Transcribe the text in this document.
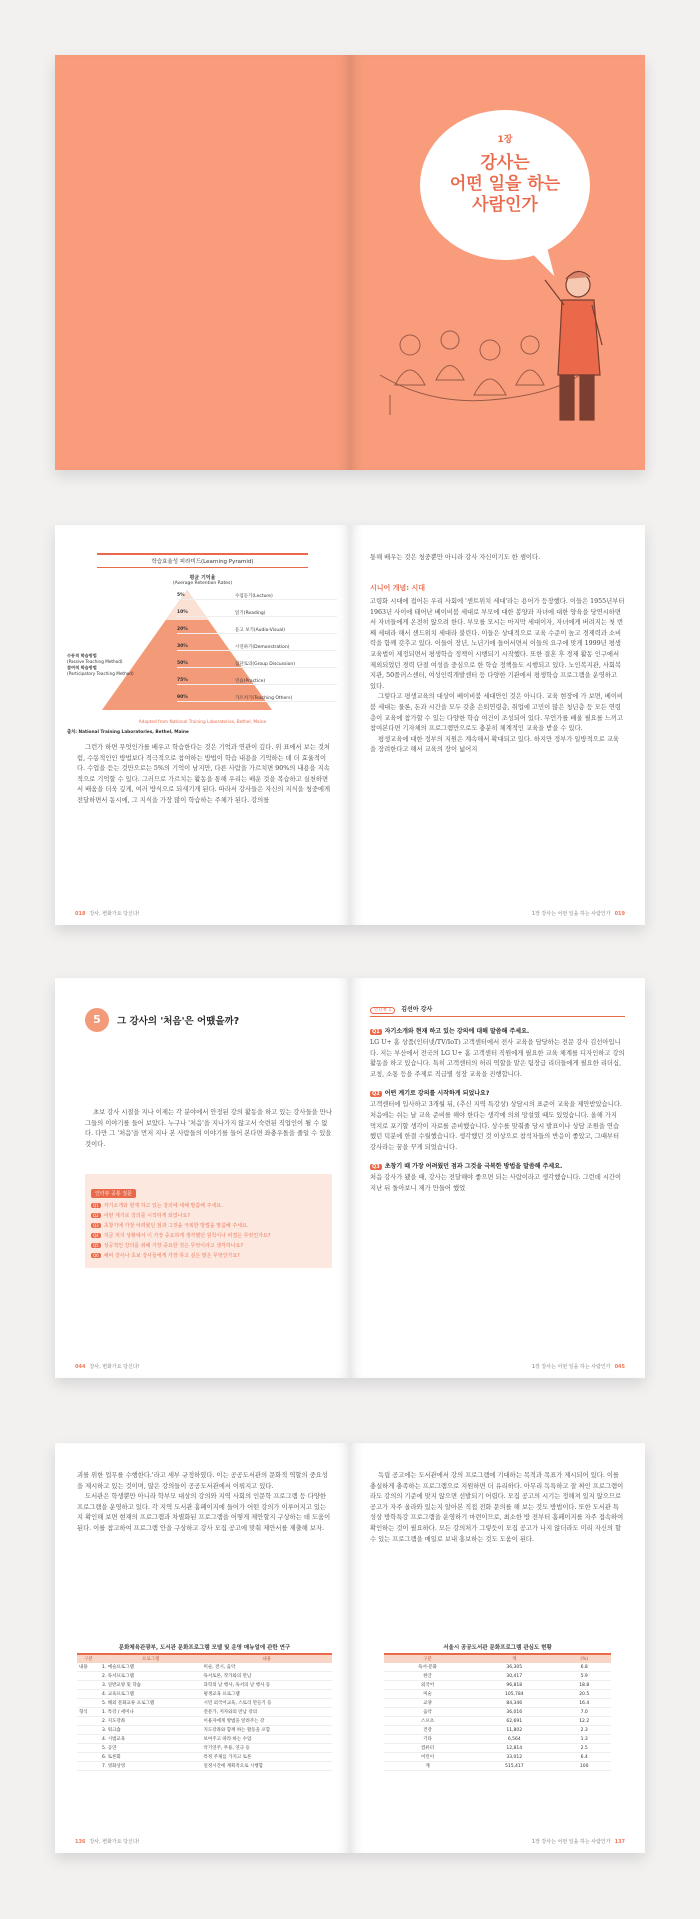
1장
강사는
어떤 일을 하는
사람인가
학습효율성 피라미드(Learning Pyramid)
평균 기억율
(Average Retention Rates)
5%	수업듣기(Lecture)
10%	읽기(Reading)
20%	듣고 보기(Audio-Visual)
30%	시연하기(Demonstration)
50%	집단토의(Group Discussion)
75%	연습(Practice)
90%	가르치기(Teaching Others)
수동적 학습방법
(Passive Teaching Method)
참여적 학습방법
(Participatory Teaching Method)
Adapted from National Training Laboratories, Bethel, Maine
출처: National Training Laboratories, Bethel, Maine
그런가 하면 무엇인가를 배우고 학습한다는 것은 기억과 연관이 깊다. 위 표에서 보는 것처럼, 수동적인인 방법보다 적극적으로 참여하는 방법이 학습 내용을 기억하는 데 더 효율적이다. 수업을 듣는 것만으로는 5%의 기억이 남지만, 다른 사람을 가르치면 90%의 내용을 지속적으로 기억할 수 있다. 그러므로 가르치는 활동을 통해 우리는 배운 것을 복습하고 실천하면서 배움을 더욱 깊게, 여러 방식으로 되새기게 된다. 따라서 강사들은 자신의 지식을 청중에게 전달하면서 동시에, 그 지식을 가장 많이 학습하는 주체가 된다. 강의를
018 강사, 변화가요 당신다!
통해 배우는 것은 청중뿐만 아니라 강사 자신이기도 한 셈이다.
시니어 개념: 시대
고령화 시대에 접어든 우리 사회에 '센트위치 세대'라는 용어가 등장했다. 이들은 1955년부터 1963년 사이에 태어난 베이비붐 세대로 부모에 대한 봉양과 자녀에 대한 양육을 당연시하면서 자녀들에게 온전히 않으려 한다. 부모를 모시는 마지막 세대이자, 자녀에게 버려지는 첫 번째 세대라 해서 샌드위치 세대라 불린다. 이들은 상대적으로 교육 수준이 높고 경제력과 소비력을 함께 갖추고 있다. 이들이 장년, 노년기에 들어서면서 이들의 요구에 맞게 1999년 평생교육법이 제정되면서 평생학습 정책이 시행되기 시작했다. 또한 결혼 후 경제 활동 인구에서 제외되었던 경력 단절 여성을 중심으로 한 학습 정책들도 시행되고 있다. 노인복지관, 사회복지관, 50플러스센터, 여성인력개발센터 등 다양한 기관에서 평생학습 프로그램을 운영하고 있다.
그렇다고 평생교육의 대상이 베이비붐 세대만인 것은 아니다. 교육 현장에 가 보면, 베이비붐 세대는 물론, 돈과 시간을 모두 갖춘 은퇴연령층, 취업에 고민이 많은 청년층 등 모든 연령층이 교육에 참가할 수 있는 다양한 학습 여건이 조성되어 있다. 무언가를 배울 필요를 느끼고 참여본다면 기자체의 프로그램만으로도 충분히 체계적인 교육을 받을 수 있다.
평생교육에 대한 정부의 지원은 계속해서 확대되고 있다. 하지만 정부가 일방적으로 교육을 장려한다고 해서 교육의 장이 넓어지
1장 강사는 어떤 일을 하는 사람인가 019
5	그 강사의 '처음'은 어땠을까?
초보 강사 시절을 지나 이제는 각 분야에서 안정된 강의 활동을 하고 있는 강사들을 만나 그들의 이야기를 들어 보았다. 누구나 '처음'을 지나가지 않고서 숙련된 직업인이 될 수 없다. 다만 그 '처음'을 먼저 지나 본 사람들의 이야기를 들어 본다면 좌충우돌을 줄일 수 있을 것이다.
인터뷰 공통 질문
Q1	자기소개와 현재 하고 있는 강의에 대해 말씀해 주세요.
Q2	어떤 계기로 강의를 시작하게 되었나요?
Q3	초창기에 가장 어려웠던 점과 그것을 극복한 방법을 말씀해 주세요.
Q4	지금 처지 상황에서 이 가장 중요하게 생각했던 원칙이나 비결은 무엇인가요?
Q5	성공적인 강의를 위해 가장 중요한 것은 무엇이라고 생각하나요?
Q6	예비 강사나 초보 강사들에게 가장 하고 싶은 말은 무엇인가요?
044 강사, 변화가요 당신다!
인터뷰 1 김선아 강사
Q1 자기소개와 현재 하고 있는 강의에 대해 말씀해 주세요.
LG U+ 홈 상품(인터넷/TV/IoT) 고객센터에서 전사 교육을 담당하는 전문 강사 김선아입니다. 저는 부산에서 전국의 LG U+ 홈 고객센터 직원에게 필요한 교육 체계를 디자인하고 강의 활동을 하고 있습니다. 특히 고객센터의 허리 역할을 맡은 팀장급 리더들에게 필요한 리더십, 코칭, 소통 등을 주제로 직급별 성장 교육을 진행합니다.
Q2 어떤 계기로 강의를 시작하게 되었나요?
고객센터에 입사하고 3개월 뒤, (추신 지역 특강상) 상담시의 표준이 교육을 제안받았습니다. 처음에는 쉬는 날 교육 준비를 해야 한다는 생각에 의외 망설였 때도 있었습니다. 올해 가지 먹지로 포기할 생각이 자로를 준비했습니다. 상수를 맞춰줄 당시 발표이나 상담 조원을 연습했던 덕분에 한결 수월했습니다. 생각했던 것 이상으로 참석자들의 반응이 좋았고, 그때부터 강사라는 꿈을 꾸게 되었습니다.
Q3 초창기 때 가장 어려웠던 점과 그것을 극복한 방법을 말씀해 주세요.
처음 강사가 됐을 때, 강사는 전달해야 좋으면 되는 사람이라고 생각했습니다. 그런데 시간이 지난 뒤 돌아보니 제가 만들어 했었
1장 강사는 어떤 일을 하는 사람인가 045
괴를 위한 업무를 수행한다.'라고 세부 규정하였다. 이는 공공도서관의 문화적 역할의 중요성을 제시하고 있는 것이며, 많은 강의들이 공공도서관에서 이뤄지고 있다.
도서관은 학생뿐만 아니라 학부모 대상의 강의와 지역 사회의 인문학 프로그램 등 다양한 프로그램을 운영하고 있다. 각 지역 도서관 홈페이지에 들어가 어떤 강의가 이루어지고 있는지 확인해 보면 현재의 프로그램과 차별화된 프로그램을 어떻게 제안할지 구상하는 데 도움이 된다. 이를 참고하여 프로그램 안을 구상하고 강사 모집 공고에 맞춰 제안서를 제출해 보자.
문화체육관광부, 도서관 문화프로그램 모델 및 운영 매뉴얼에 관한 연구
구분	프로그램	내용
내용	1. 예술프로그램	미술, 전시, 음악
	2. 독서프로그램	독서토론, 작가와의 만남
	3. 일반교양 및 학습	과학의 날 행사, 독서의 날 행사 등
	4. 교육프로그램	평생교육 프로그램
	5. 해외 문화교류 프로그램	시민 외국어교육, 스토리 만들기 등
형식	1. 특강 / 세미나	전문가, 저자와의 만남 강의
	2. 지도강좌	이용자에게 방법을 알려주는 강
	3. 워크숍	지도강좌와 함께 하는 활동을 포함
	4. 시범교육	보여주고 따라 하는 수업
	5. 공연	악기연주, 무용, 연극 등
	6. 토론회	특정 주제를 가지고 토론
	7. 영화상영	일정시간에 계획적으로 시행함
136 강사, 변화가요 당신다!
독립 공고에는 도서관에서 강의 프로그램에 기대하는 목적과 목표가 제시되어 있다. 이를 충실하게 충족하는 프로그램으로 지원하면 더 유리하다. 아무리 독특하고 잘 짜인 프로그램이라도 강의의 기준에 맞지 않으면 선발되기 어렵다. 모집 공고의 시기는 정해져 있지 않으므로 공고가 자주 올라와 있는지 알아본 직접 전화 문의를 해 보는 것도 방법이다. 또한 도서관 특성상 방학특강 프로그램을 운영하기 마련이므로, 최소한 방 전부터 홈페이지를 자주 접속하여 확인하는 것이 필요하다. 모든 강의처가 그렇듯이 모집 공고가 나지 않더라도 미리 자신의 할 수 있는 프로그램을 메일로 보내 홍보하는 것도 도움이 된다.
서울시 공공도서관 문화프로그램 관심도 현황
구분	계	(%)
독서·문화	36,305	6.8
한글	30,417	5.9
외국어	96,818	18.8
미술	105,784	20.5
교양	84,346	16.4
음악	36,016	7.0
스포츠	62,691	12.2
건강	11,802	2.3
기타	6,564	1.3
컴퓨터	12,814	2.5
어린이	33,012	6.4
계	515,417	100
1장 강사는 어떤 일을 하는 사람인가 137
